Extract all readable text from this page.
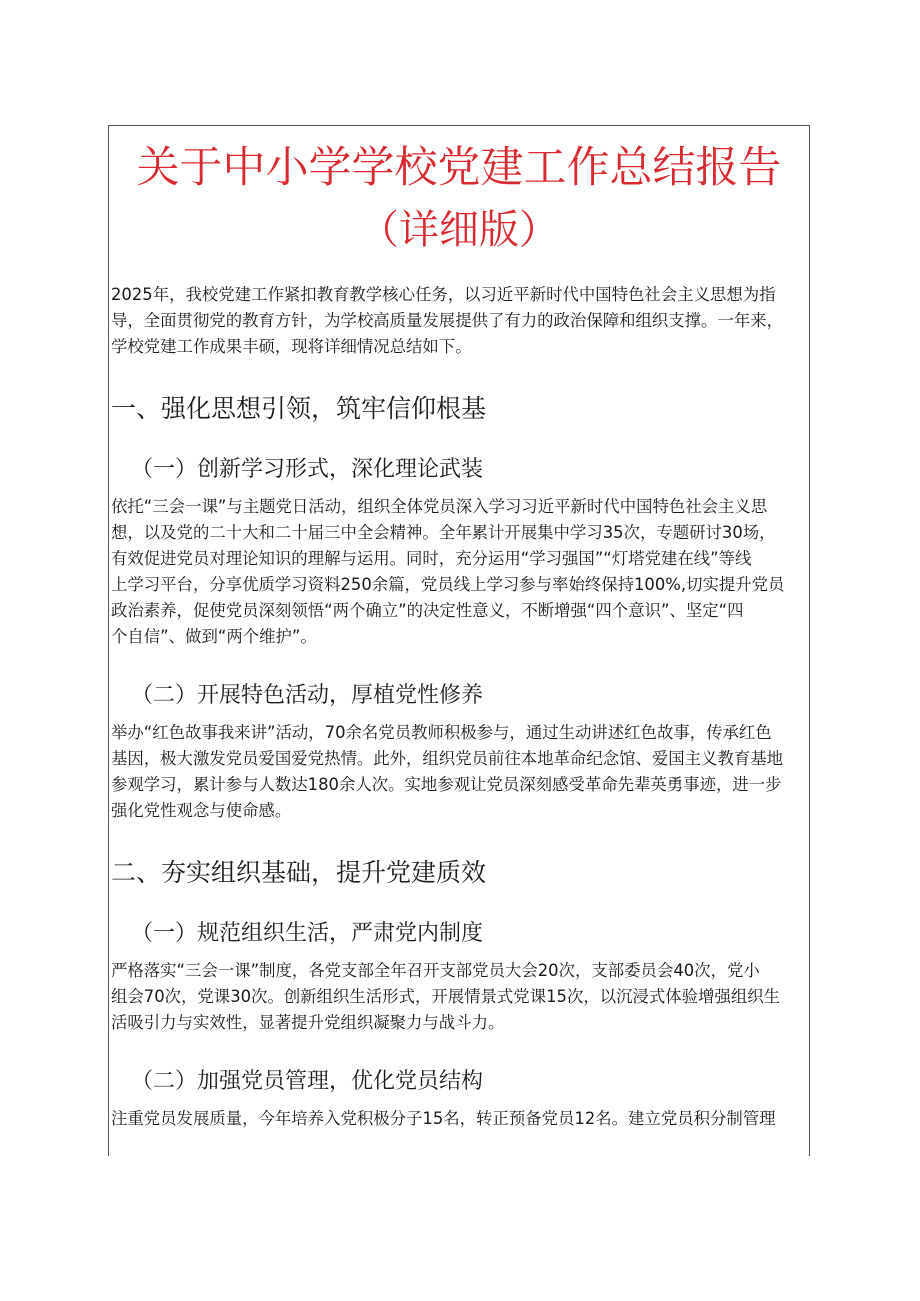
关于中小学学校党建工作总结报告
（详细版）
2025年，我校党建工作紧扣教育教学核心任务，以习近平新时代中国特色社会主义思想为指
导，全面贯彻党的教育方针，为学校高质量发展提供了有力的政治保障和组织支撑。一年来，
学校党建工作成果丰硕，现将详细情况总结如下。
一、强化思想引领，筑牢信仰根基
（一）创新学习形式，深化理论武装
依托“三会一课”与主题党日活动，组织全体党员深入学习习近平新时代中国特色社会主义思
想，以及党的二十大和二十届三中全会精神。全年累计开展集中学习35次，专题研讨30场，
有效促进党员对理论知识的理解与运用。同时，充分运用“学习强国”“灯塔党建在线”等线
上学习平台，分享优质学习资料250余篇，党员线上学习参与率始终保持100%,切实提升党员
政治素养，促使党员深刻领悟“两个确立”的决定性意义，不断增强“四个意识”、坚定“四
个自信”、做到“两个维护”。
（二）开展特色活动，厚植党性修养
举办“红色故事我来讲”活动，70余名党员教师积极参与，通过生动讲述红色故事，传承红色
基因，极大激发党员爱国爱党热情。此外，组织党员前往本地革命纪念馆、爱国主义教育基地
参观学习，累计参与人数达180余人次。实地参观让党员深刻感受革命先辈英勇事迹，进一步
强化党性观念与使命感。
二、夯实组织基础，提升党建质效
（一）规范组织生活，严肃党内制度
严格落实“三会一课”制度，各党支部全年召开支部党员大会20次，支部委员会40次，党小
组会70次，党课30次。创新组织生活形式，开展情景式党课15次，以沉浸式体验增强组织生
活吸引力与实效性，显著提升党组织凝聚力与战斗力。
（二）加强党员管理，优化党员结构
注重党员发展质量，今年培养入党积极分子15名，转正预备党员12名。建立党员积分制管理
